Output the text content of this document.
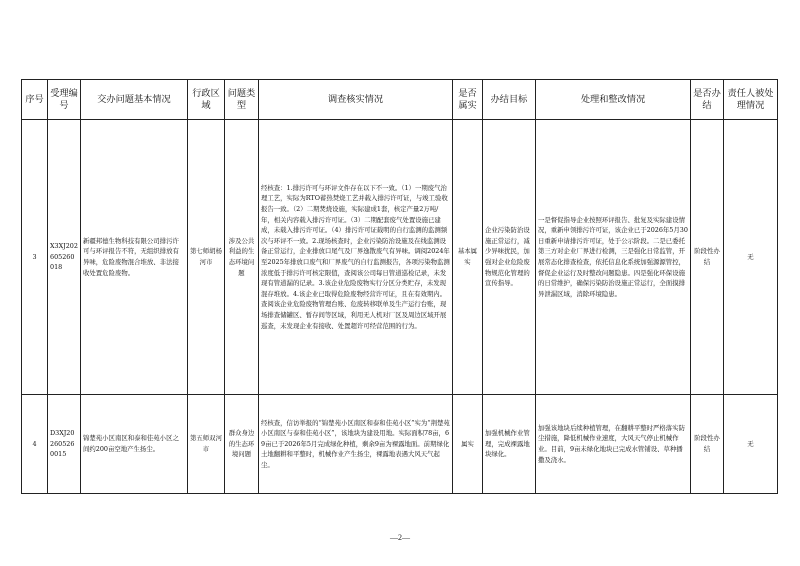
序号	受理编号	交办问题基本情况	行政区域	问题类型	调查核实情况	是否属实	办结目标	处理和整改情况	是否办结	责任人被处理情况
3	X3XJ202605260018	新疆邦德生物科技有限公司排污许可与环评报告不符，无组织排放有异味，危险废物混合堆放、非法接收处置危险废物。	第七师胡杨河市	涉及公共利益的生态环境问题	经核查：1.排污许可与环评文件存在以下不一致。（1）一期废气治理工艺，实际为RTO蓄热焚烧工艺并载入排污许可证，与竣工验收报告一致。（2）二期焚烧设施，实际建成1套，核定产量2万吨/年，相关内容载入排污许可证。（3）二期配套废气处置设施已建成，未载入排污许可证。（4）排污许可证载明的自行监测的监测频次与环评不一致。2.现场核查时，企业污染防治设施及在线监测设备正常运行，企业排放口尾气及厂界逸散废气有异味。调阅2024年至2025年排放口废气和厂界废气的自行监测报告，各项污染物监测浓度低于排污许可核定限值，查阅该公司每日管道巡检记录，未发现有管道漏的记录。3.该企业危险废物实行分区分类贮存，未发现混存堆放。4.该企业已取得危险废物经营许可证，且在有效期内。查阅该企业危险废物管理台账、危废转移联单及生产运行台账，现场排查储罐区、暂存间等区域，利用无人机对厂区及周边区域开展巡查，未发现企业有接收、处置超许可经营范围的行为。	基本属实	企业污染防治设施正常运行，减少异味扰民，加强对企业危险废物规范化管理的宣传指导。	一是督促指导企业按照环评报告、批复及实际建设情况，重新申领排污许可证，该企业已于2026年5月30日重新申请排污许可证，处于公示阶段。二是已委托第三方对企业厂界进行检测，三是强化日常监管，开展常态化排查检查，依托信息化系统加强源源管控，督促企业运行及时整改问题隐患。四是强化环保设施的日常维护，确保污染防治设施正常运行，全面摸排异泄漏区域，消除环境隐患。	阶段性办结	无
4	D3XJ202605260015	锦楚苑小区南区和泰和佳苑小区之间约200亩空地产生扬尘。	第五师双河市	群众身边的生态环境问题	经核查，信访举报的“锦楚苑小区南区和泰和佳苑小区”实为“荆楚苑小区南区与泰和佳苑小区”，该地块为建设用地。实际面积78亩，69亩已于2026年5月完成绿化种植，剩余9亩为裸露地面。前期绿化土地翻耕和平整时，机械作业产生扬尘，裸露地表遇大风天气起尘。	属实	加强机械作业管理，完成裸露地块绿化。	加强该地块后续种植管理，在翻耕平整时严格落实防尘措施，降低机械作业速度，大风天气停止机械作业。目前，9亩未绿化地块已完成水管铺设、草种播撒及浇水。	阶段性办结	无
—2—
